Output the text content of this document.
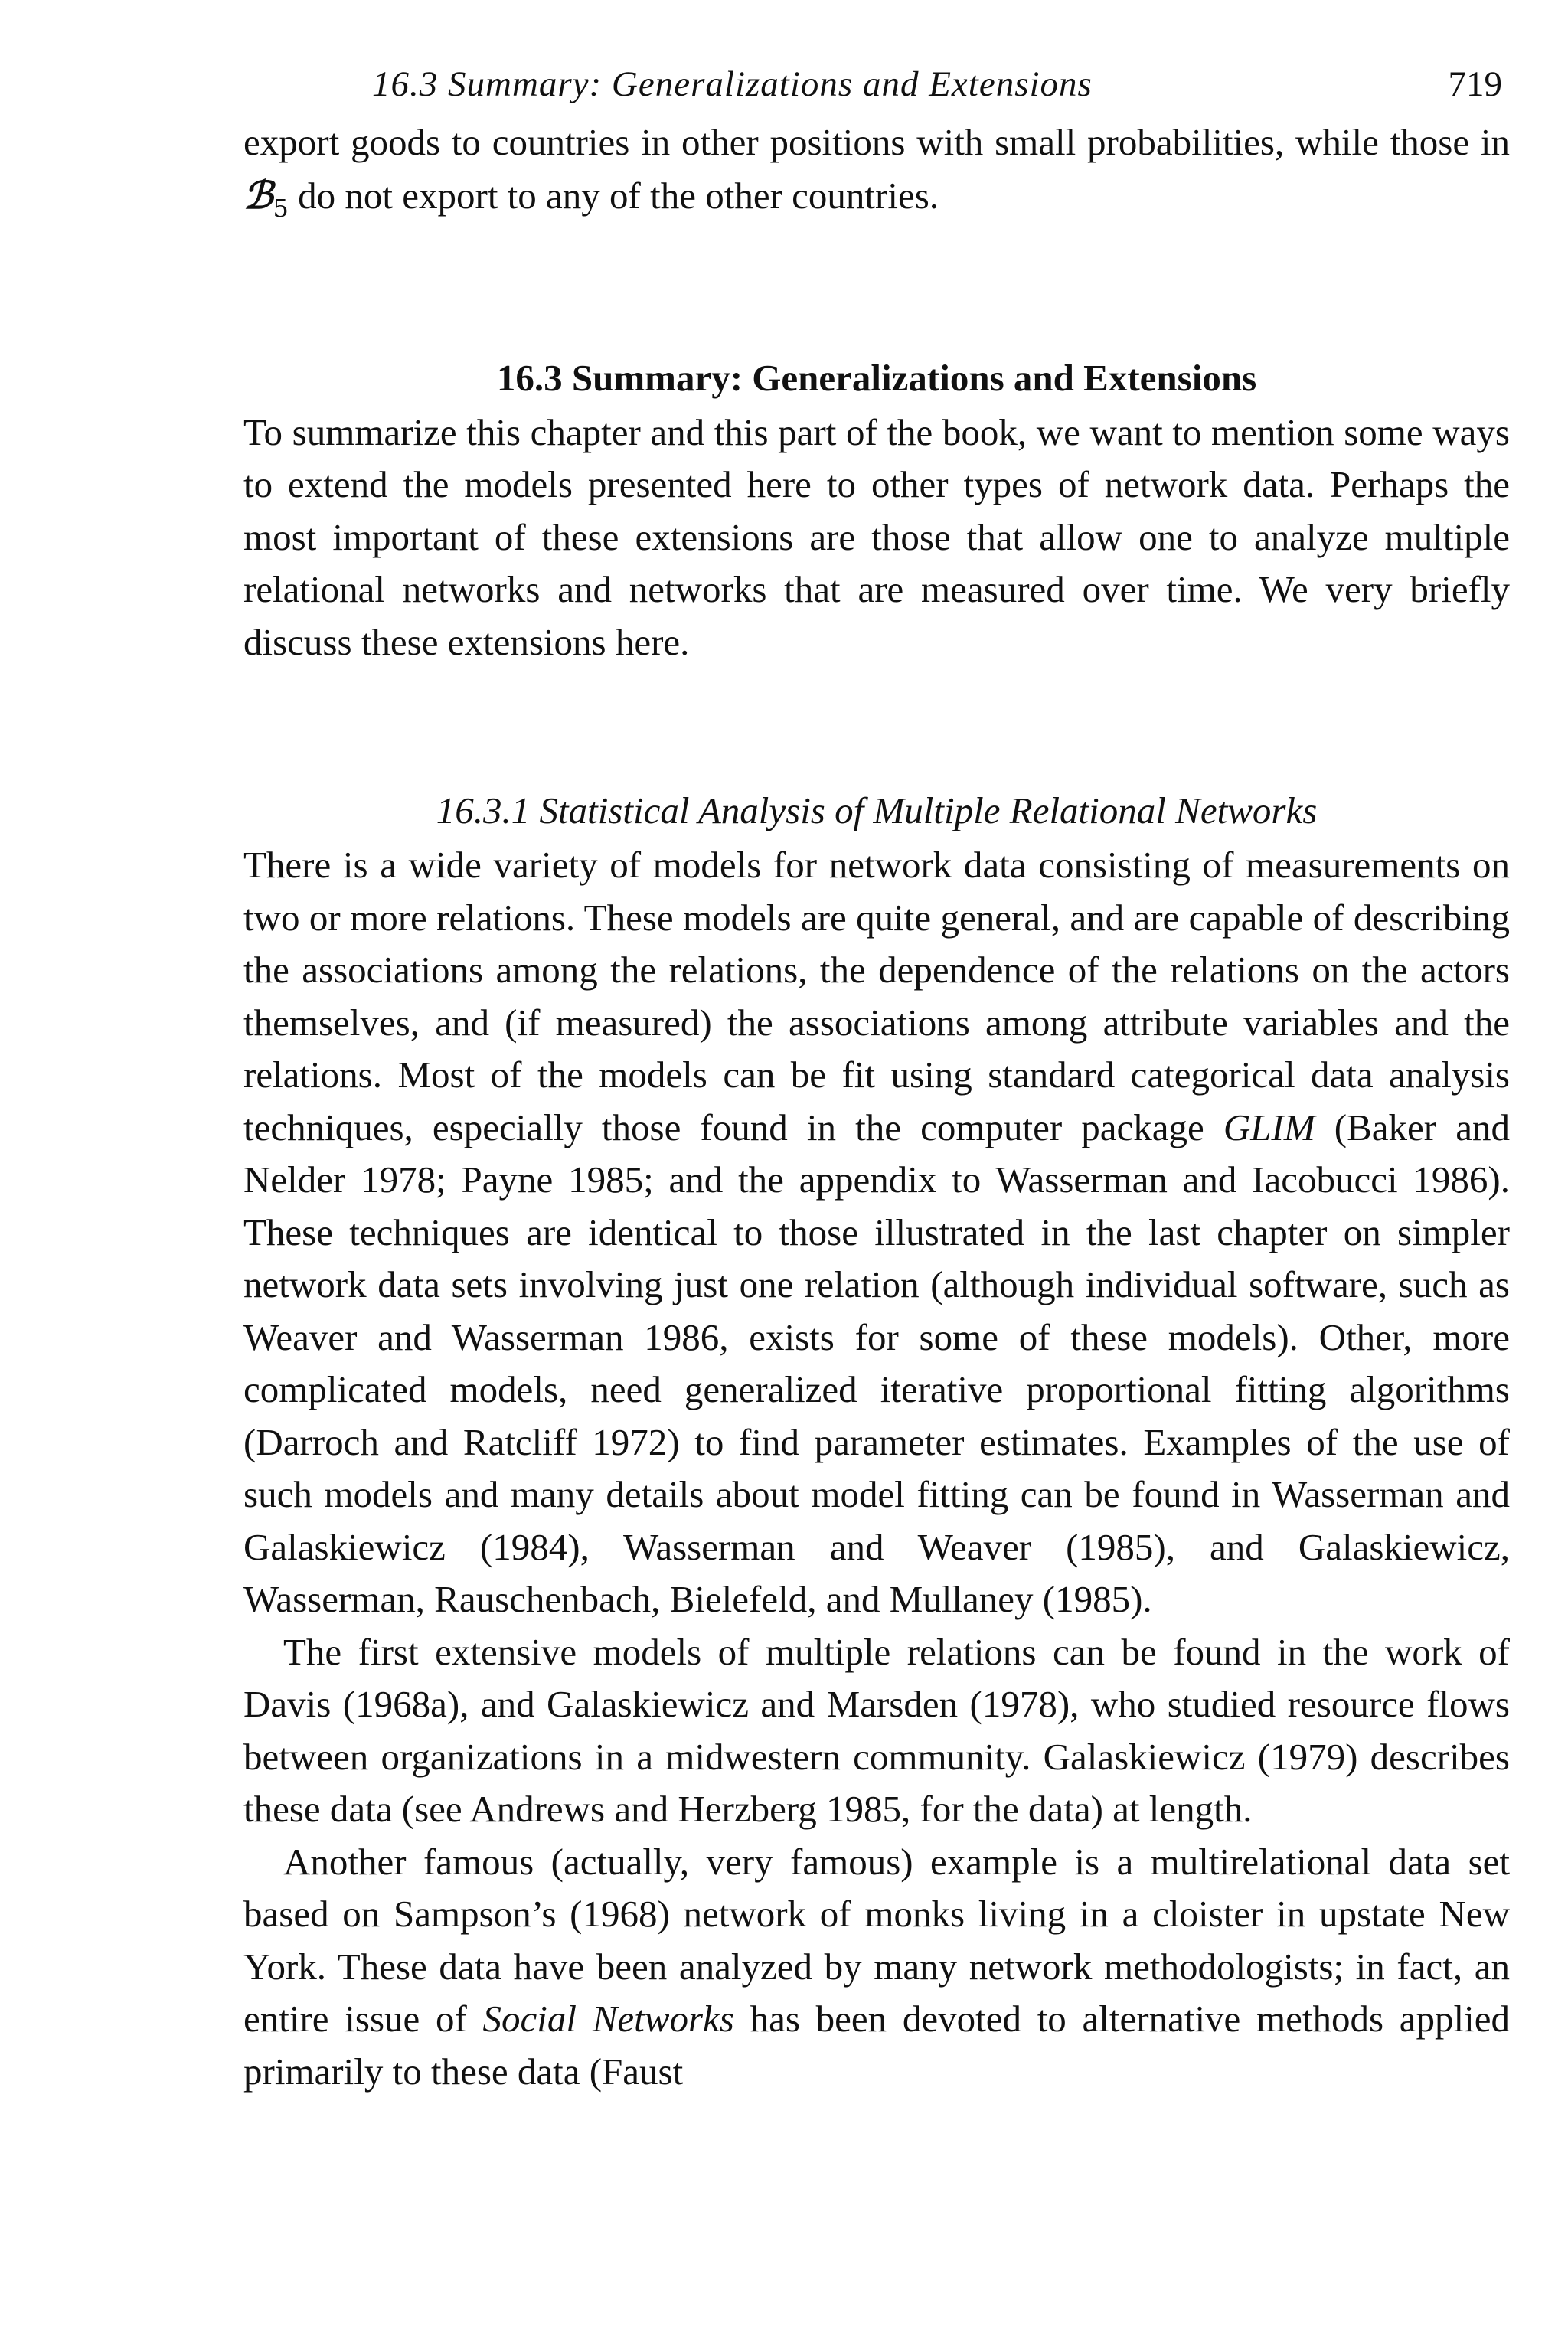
16.3 Summary: Generalizations and Extensions	719

export goods to countries in other positions with small probabilities, while those in ℬ$_5$ do not export to any of the other countries.

16.3 Summary: Generalizations and Extensions

To summarize this chapter and this part of the book, we want to mention some ways to extend the models presented here to other types of network data. Perhaps the most important of these extensions are those that allow one to analyze multiple relational networks and networks that are measured over time. We very briefly discuss these extensions here.

16.3.1 Statistical Analysis of Multiple Relational Networks

There is a wide variety of models for network data consisting of measurements on two or more relations. These models are quite general, and are capable of describing the associations among the relations, the dependence of the relations on the actors themselves, and (if measured) the associations among attribute variables and the relations. Most of the models can be fit using standard categorical data analysis techniques, especially those found in the computer package GLIM (Baker and Nelder 1978; Payne 1985; and the appendix to Wasserman and Iacobucci 1986). These techniques are identical to those illustrated in the last chapter on simpler network data sets involving just one relation (although individual software, such as Weaver and Wasserman 1986, exists for some of these models). Other, more complicated models, need generalized iterative proportional fitting algorithms (Darroch and Ratcliff 1972) to find parameter estimates. Examples of the use of such models and many details about model fitting can be found in Wasserman and Galaskiewicz (1984), Wasserman and Weaver (1985), and Galaskiewicz, Wasserman, Rauschenbach, Bielefeld, and Mullaney (1985).

The first extensive models of multiple relations can be found in the work of Davis (1968a), and Galaskiewicz and Marsden (1978), who studied resource flows between organizations in a midwestern community. Galaskiewicz (1979) describes these data (see Andrews and Herzberg 1985, for the data) at length.

Another famous (actually, very famous) example is a multirelational data set based on Sampson’s (1968) network of monks living in a cloister in upstate New York. These data have been analyzed by many network methodologists; in fact, an entire issue of Social Networks has been devoted to alternative methods applied primarily to these data (Faust
